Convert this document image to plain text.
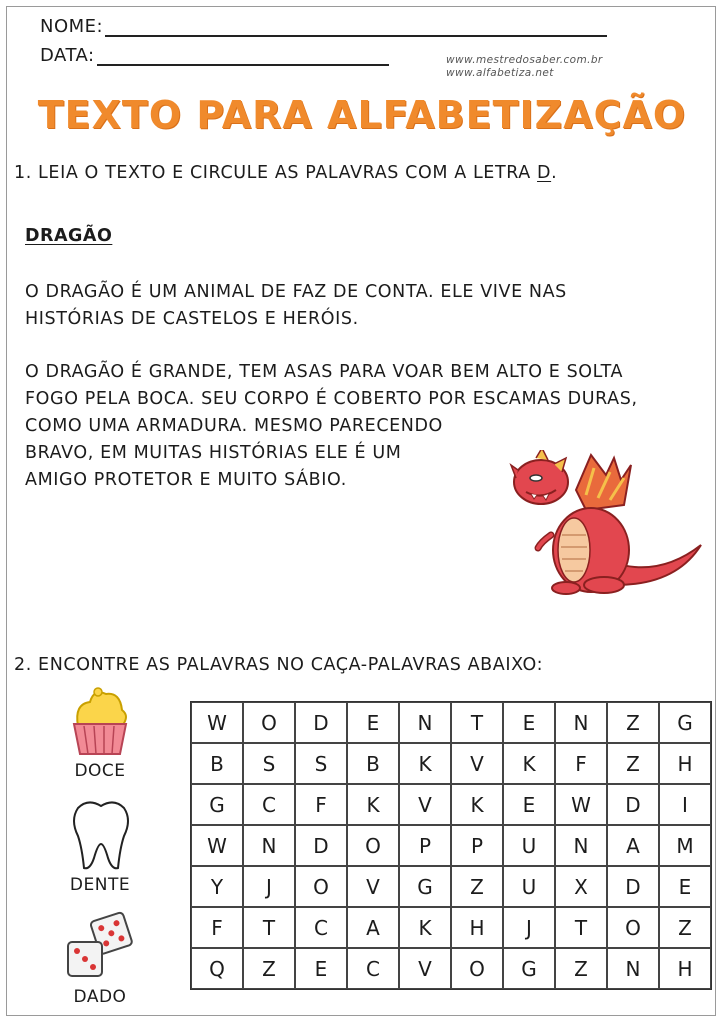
NOME:
DATA:	www.mestredosaber.com.br
www.alfabetiza.net
TEXTO PARA ALFABETIZAÇÃO
1. LEIA O TEXTO E CIRCULE AS PALAVRAS COM A LETRA D.
DRAGÃO
O DRAGÃO É UM ANIMAL DE FAZ DE CONTA. ELE VIVE NAS
HISTÓRIAS DE CASTELOS E HERÓIS.
O DRAGÃO É GRANDE, TEM ASAS PARA VOAR BEM ALTO E SOLTA
FOGO PELA BOCA. SEU CORPO É COBERTO POR ESCAMAS DURAS,
COMO UMA ARMADURA. MESMO PARECENDO
BRAVO, EM MUITAS HISTÓRIAS ELE É UM
AMIGO PROTETOR E MUITO SÁBIO.
2. ENCONTRE AS PALAVRAS NO CAÇA-PALAVRAS ABAIXO:
DOCE
DENTE
DADO
W	O	D	E	N	T	E	N	Z	G
B	S	S	B	K	V	K	F	Z	H
G	C	F	K	V	K	E	W	D	I
W	N	D	O	P	P	U	N	A	M
Y	J	O	V	G	Z	U	X	D	E
F	T	C	A	K	H	J	T	O	Z
Q	Z	E	C	V	O	G	Z	N	H
